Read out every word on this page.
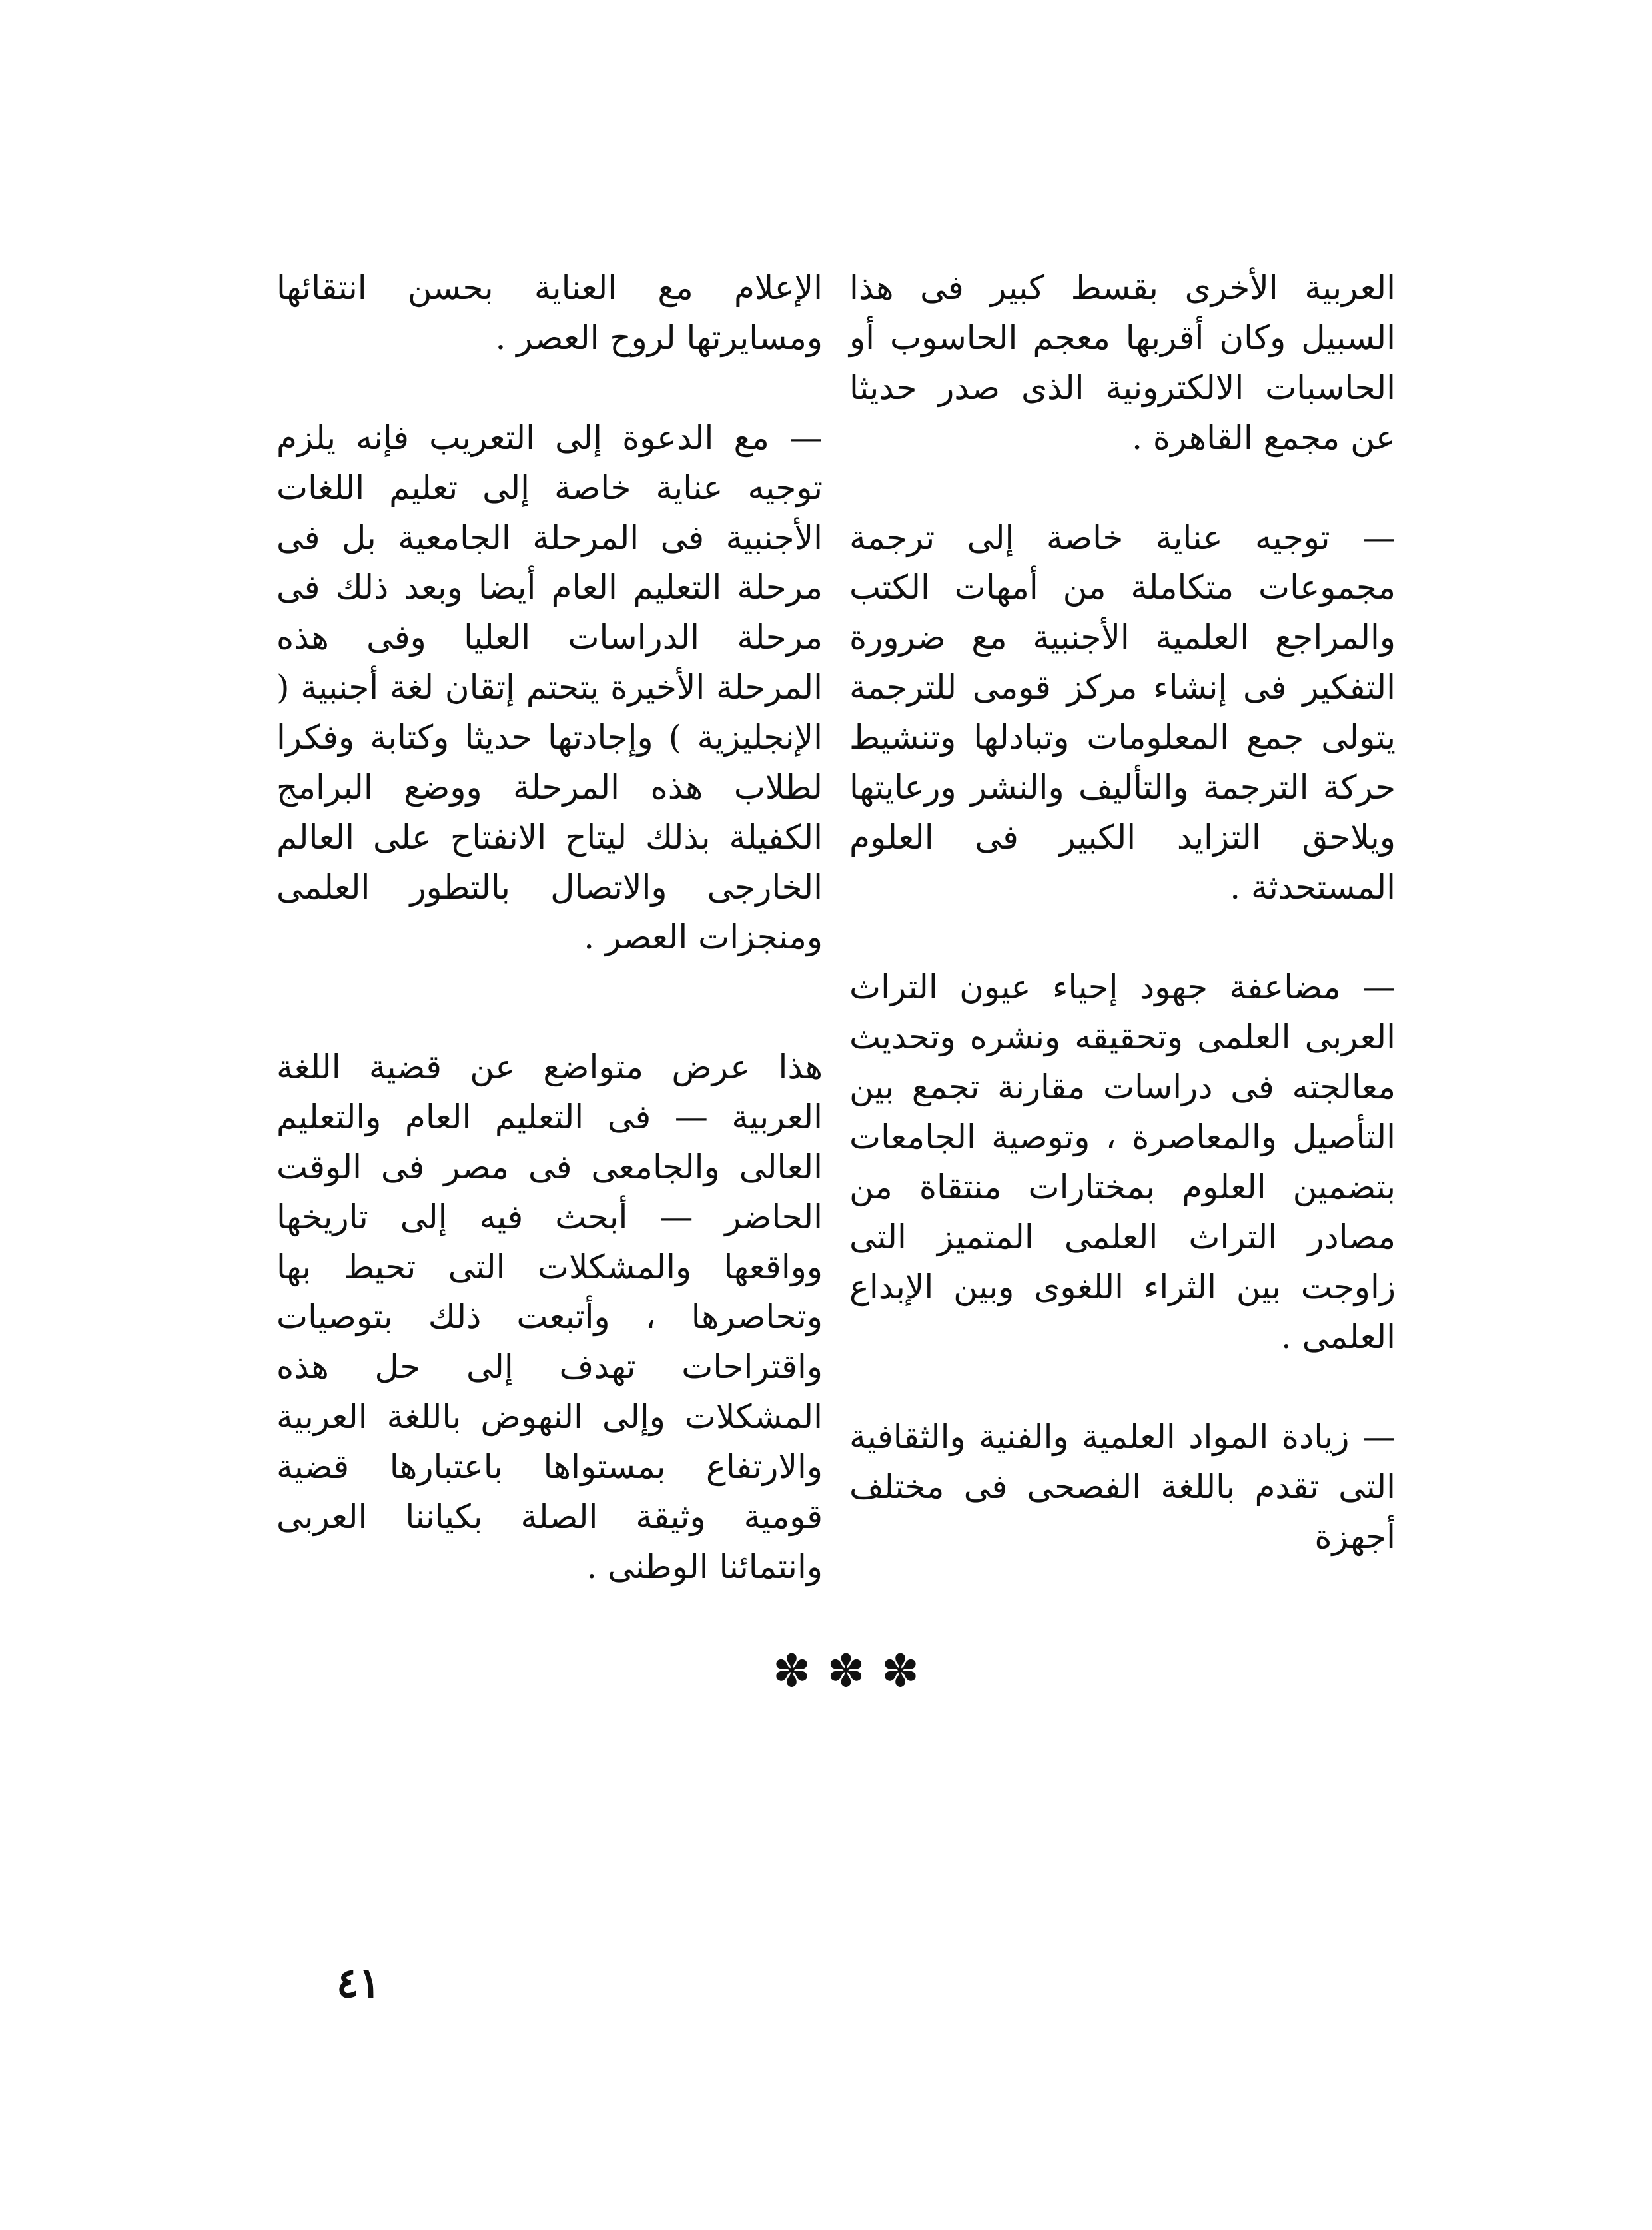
العربية الأخرى بقسط كبير فى هذا السبيل وكان أقربها معجم الحاسوب أو الحاسبات الالكترونية الذى صدر حديثا عن مجمع القاهرة .

— توجيه عناية خاصة إلى ترجمة مجموعات متكاملة من أمهات الكتب والمراجع العلمية الأجنبية مع ضرورة التفكير فى إنشاء مركز قومى للترجمة يتولى جمع المعلومات وتبادلها وتنشيط حركة الترجمة والتأليف والنشر ورعايتها ويلاحق التزايد الكبير فى العلوم المستحدثة .

— مضاعفة جهود إحياء عيون التراث العربى العلمى وتحقيقه ونشره وتحديث معالجته فى دراسات مقارنة تجمع بين التأصيل والمعاصرة ، وتوصية الجامعات بتضمين العلوم بمختارات منتقاة من مصادر التراث العلمى المتميز التى زاوجت بين الثراء اللغوى وبين الإبداع العلمى .

— زيادة المواد العلمية والفنية والثقافية التى تقدم باللغة الفصحى فى مختلف أجهزة

الإعلام مع العناية بحسن انتقائها ومسايرتها لروح العصر .

— مع الدعوة إلى التعريب فإنه يلزم توجيه عناية خاصة إلى تعليم اللغات الأجنبية فى المرحلة الجامعية بل فى مرحلة التعليم العام أيضا وبعد ذلك فى مرحلة الدراسات العليا وفى هذه المرحلة الأخيرة يتحتم إتقان لغة أجنبية ( الإنجليزية ) وإجادتها حديثا وكتابة وفكرا لطلاب هذه المرحلة ووضع البرامج الكفيلة بذلك ليتاح الانفتاح على العالم الخارجى والاتصال بالتطور العلمى ومنجزات العصر .

هذا عرض متواضع عن قضية اللغة العربية — فى التعليم العام والتعليم العالى والجامعى فى مصر فى الوقت الحاضر — أبحث فيه إلى تاريخها وواقعها والمشكلات التى تحيط بها وتحاصرها ، وأتبعت ذلك بتوصيات واقتراحات تهدف إلى حل هذه المشكلات وإلى النهوض باللغة العربية والارتفاع بمستواها باعتبارها قضية قومية وثيقة الصلة بكياننا العربى وانتمائنا الوطنى .

✽ ✽ ✽
٤١
